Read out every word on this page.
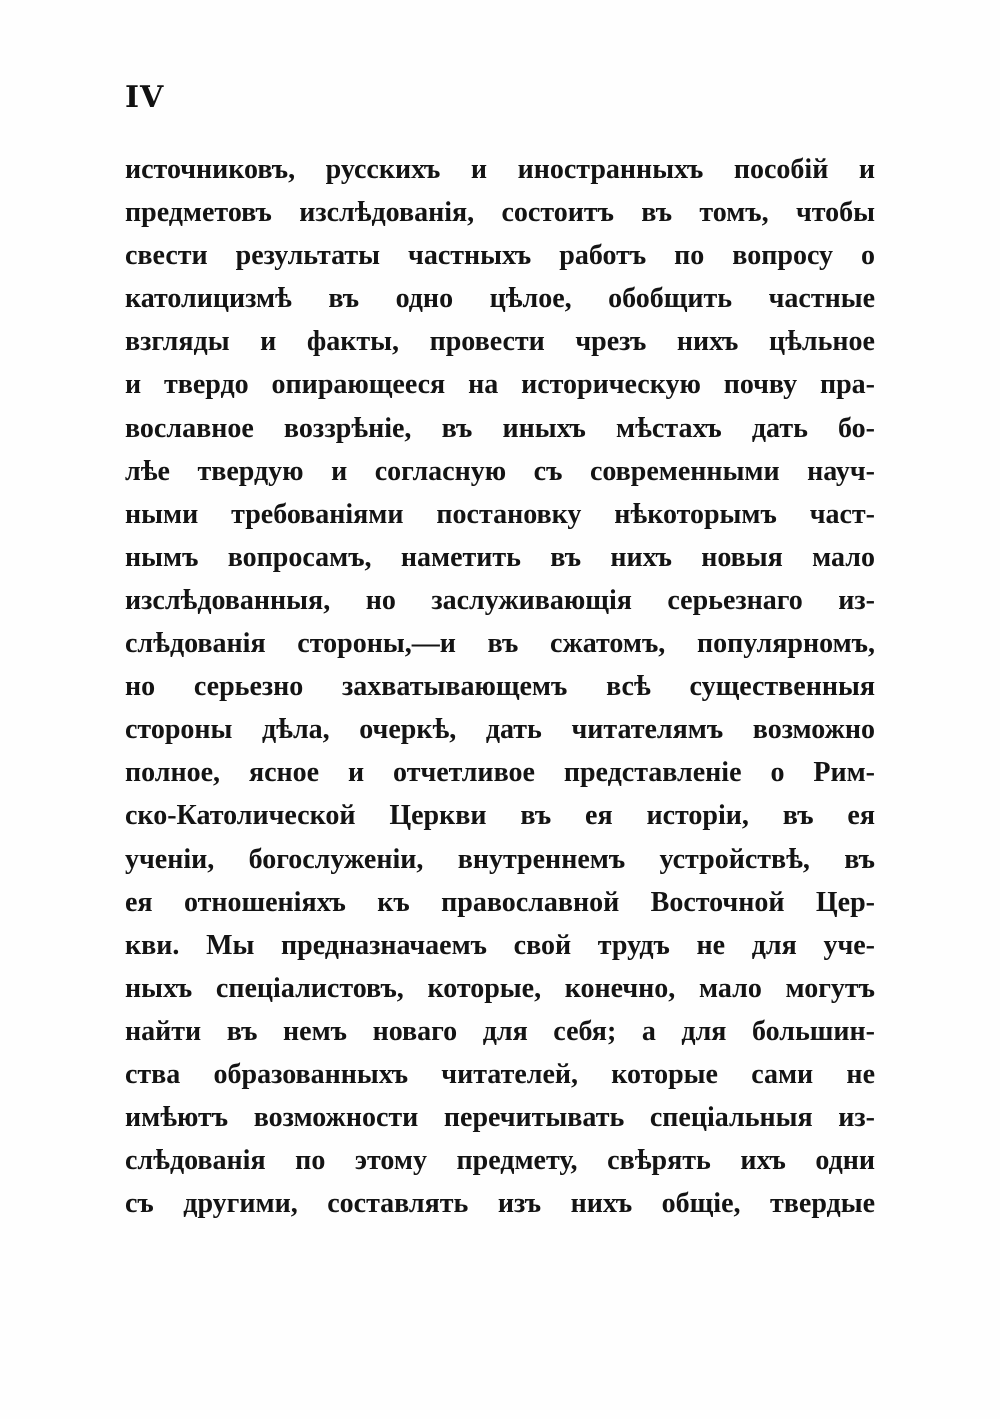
IV
источниковъ, русскихъ и иностранныхъ пособій и
предметовъ изслѣдованія, состоитъ въ томъ, чтобы
свести результаты частныхъ работъ по вопросу о
католицизмѣ въ одно цѣлое, обобщить частные
взгляды и факты, провести чрезъ нихъ цѣльное
и твердо опирающееся на историческую почву пра-
вославное воззрѣніе, въ иныхъ мѣстахъ дать бо-
лѣе твердую и согласную съ современными науч-
ными требованіями постановку нѣкоторымъ част-
нымъ вопросамъ, наметить въ нихъ новыя мало
изслѣдованныя, но заслуживающія серьезнаго из-
слѣдованія стороны,—и въ сжатомъ, популярномъ,
но серьезно захватывающемъ всѣ существенныя
стороны дѣла, очеркѣ, дать читателямъ возможно
полное, ясное и отчетливое представленіе о Рим-
ско-Католической Церкви въ ея исторіи, въ ея
ученіи, богослуженіи, внутреннемъ устройствѣ, въ
ея отношеніяхъ къ православной Восточной Цер-
кви. Мы предназначаемъ свой трудъ не для уче-
ныхъ спеціалистовъ, которые, конечно, мало могутъ
найти въ немъ новаго для себя; а для большин-
ства образованныхъ читателей, которые сами не
имѣютъ возможности перечитывать спеціальныя из-
слѣдованія по этому предмету, свѣрять ихъ одни
съ другими, составлять изъ нихъ общіе, твердые
